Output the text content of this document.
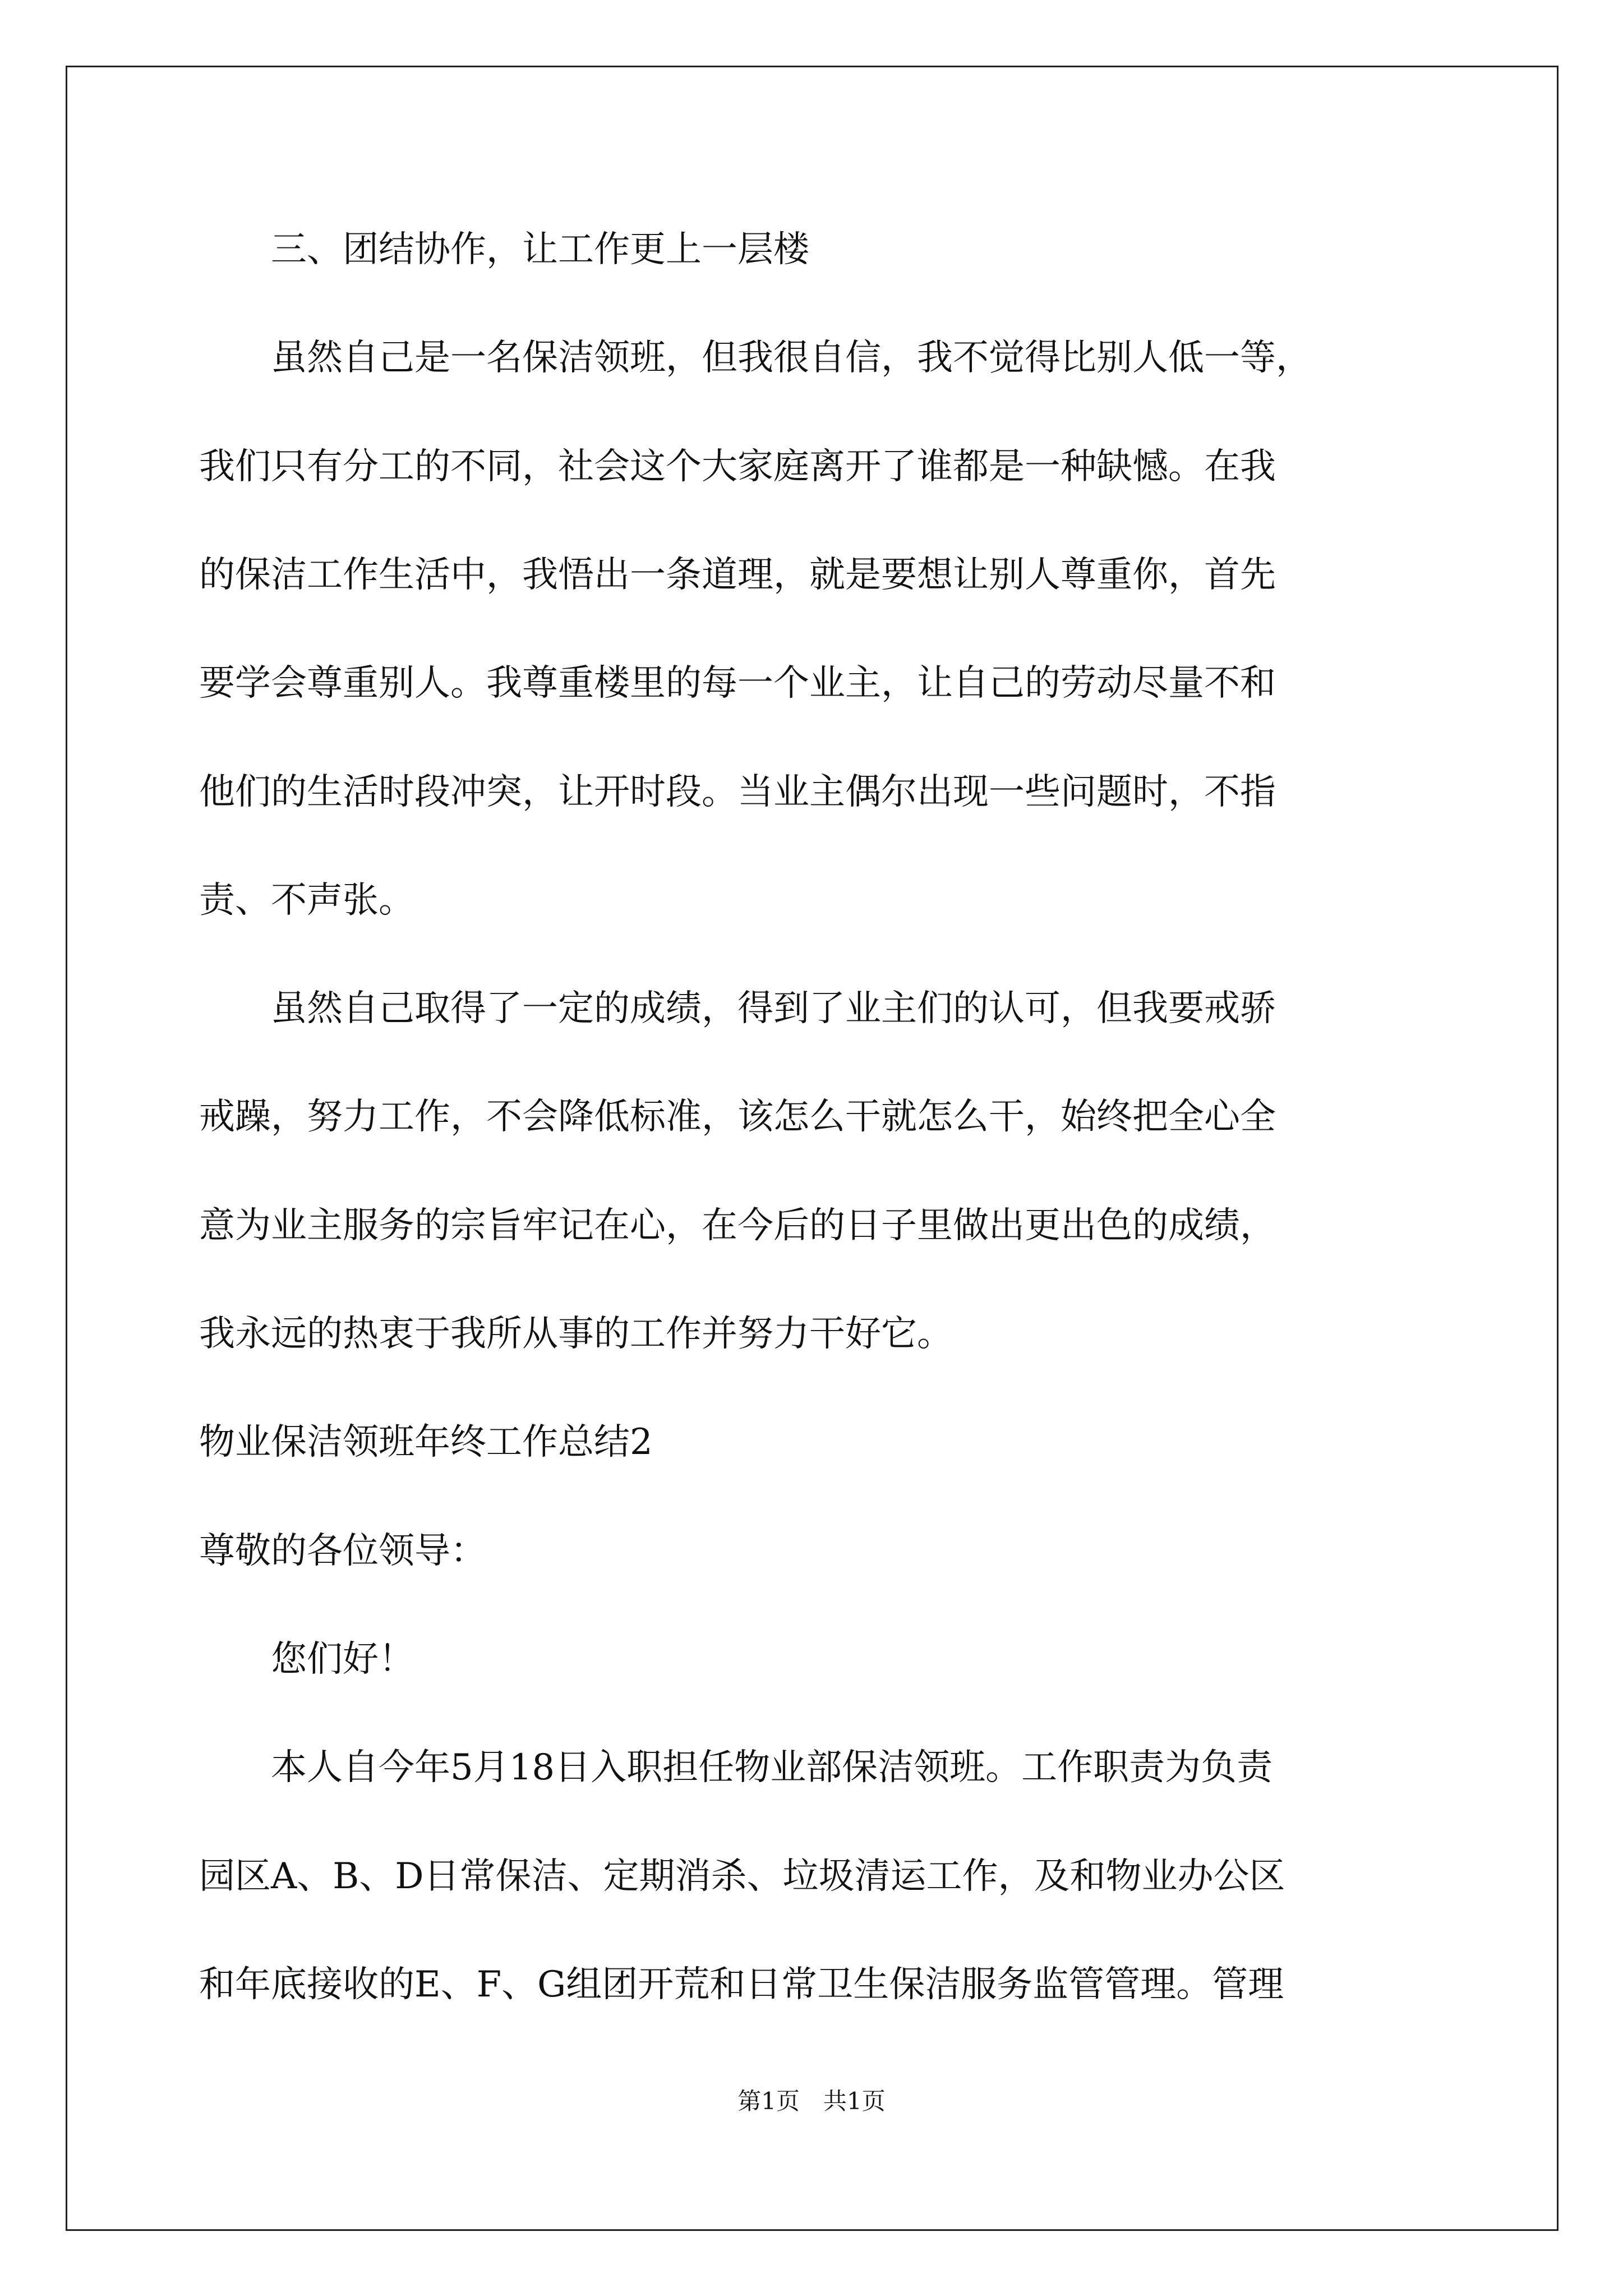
　　三、团结协作，让工作更上一层楼
　　虽然自己是一名保洁领班，但我很自信，我不觉得比别人低一等，
我们只有分工的不同，社会这个大家庭离开了谁都是一种缺憾。在我
的保洁工作生活中，我悟出一条道理，就是要想让别人尊重你，首先
要学会尊重别人。我尊重楼里的每一个业主，让自己的劳动尽量不和
他们的生活时段冲突，让开时段。当业主偶尔出现一些问题时，不指
责、不声张。
　　虽然自己取得了一定的成绩，得到了业主们的认可，但我要戒骄
戒躁，努力工作，不会降低标准，该怎么干就怎么干，始终把全心全
意为业主服务的宗旨牢记在心，在今后的日子里做出更出色的成绩，
我永远的热衷于我所从事的工作并努力干好它。
物业保洁领班年终工作总结2
尊敬的各位领导：
　　您们好！
　　本人自今年5月18日入职担任物业部保洁领班。工作职责为负责
园区A、B、D日常保洁、定期消杀、垃圾清运工作，及和物业办公区
和年底接收的E、F、G组团开荒和日常卫生保洁服务监管管理。管理
第1页　共1页
